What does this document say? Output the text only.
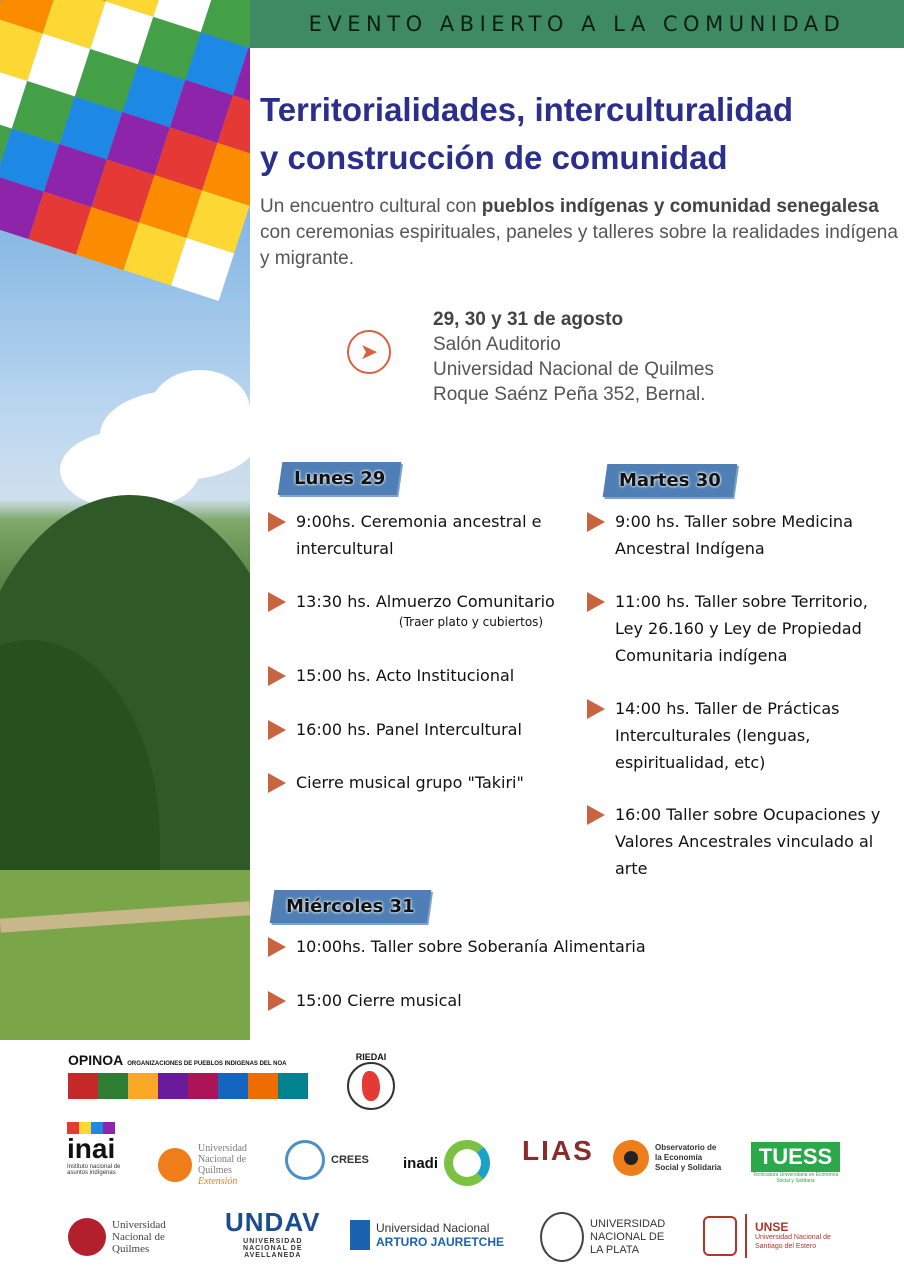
EVENTO ABIERTO A LA COMUNIDAD
Territorialidades, interculturalidad
y construcción de comunidad
Un encuentro cultural con pueblos indígenas y comunidad senegalesa con ceremonias espirituales, paneles y talleres sobre la realidades indígena y migrante.
➤
29, 30 y 31 de agosto
Salón Auditorio
Universidad Nacional de Quilmes
Roque Saénz Peña 352, Bernal.
Lunes 29
9:00hs. Ceremonia ancestral e intercultural
13:30 hs. Almuerzo Comunitario
(Traer plato y cubiertos)
15:00 hs. Acto Institucional
16:00 hs. Panel Intercultural
Cierre musical grupo "Takiri"
Martes 30
9:00 hs. Taller sobre Medicina Ancestral Indígena
11:00 hs. Taller sobre Territorio, Ley 26.160 y Ley de Propiedad Comunitaria indígena
14:00 hs. Taller de Prácticas Interculturales (lenguas, espiritualidad, etc)
16:00 Taller sobre Ocupaciones y Valores Ancestrales vinculado al arte
Miércoles 31
10:00hs. Taller sobre Soberanía Alimentaria
15:00 Cierre musical
OPINOA ORGANIZACIONES DE PUEBLOS INDIGENAS DEL NOA
RIEDAI
inai
Instituto nacional de asuntos indígenas
Universidad Nacional de Quilmes
Extensión
CREES inadi	LIAS	Observatorio de la Economía Social y Solidaria	TUESS
Tecnicatura Universitaria en Economía Social y Solidaria
Universidad Nacional de Quilmes
UNDAV
UNIVERSIDAD NACIONAL DE AVELLANEDA
Universidad Nacional
ARTURO JAURETCHE
UNIVERSIDAD NACIONAL DE LA PLATA
UNSE
Universidad Nacional de Santiago del Estero
